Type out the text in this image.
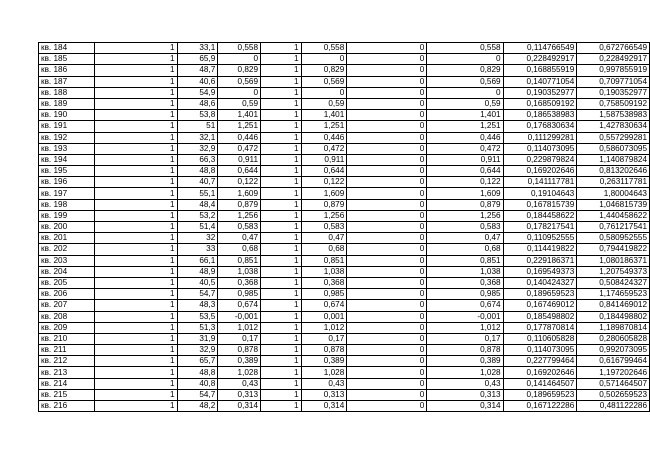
кв. 184	1	33,1	0,558	1	0,558	0	0,558	0,114766549	0,672766549
кв. 185	1	65,9	0	1	0	0	0	0,228492917	0,228492917
кв. 186	1	48,7	0,829	1	0,829	0	0,829	0,168855919	0,997855919
кв. 187	1	40,6	0,569	1	0,569	0	0,569	0,140771054	0,709771054
кв. 188	1	54,9	0	1	0	0	0	0,190352977	0,190352977
кв. 189	1	48,6	0,59	1	0,59	0	0,59	0,168509192	0,758509192
кв. 190	1	53,8	1,401	1	1,401	0	1,401	0,186538983	1,587538983
кв. 191	1	51	1,251	1	1,251	0	1,251	0,176830634	1,427830634
кв. 192	1	32,1	0,446	1	0,446	0	0,446	0,111299281	0,557299281
кв. 193	1	32,9	0,472	1	0,472	0	0,472	0,114073095	0,586073095
кв. 194	1	66,3	0,911	1	0,911	0	0,911	0,229879824	1,140879824
кв. 195	1	48,8	0,644	1	0,644	0	0,644	0,169202646	0,813202646
кв. 196	1	40,7	0,122	1	0,122	0	0,122	0,141117781	0,263117781
кв. 197	1	55,1	1,609	1	1,609	0	1,609	0,19104643	1,80004643
кв. 198	1	48,4	0,879	1	0,879	0	0,879	0,167815739	1,046815739
кв. 199	1	53,2	1,256	1	1,256	0	1,256	0,184458622	1,440458622
кв. 200	1	51,4	0,583	1	0,583	0	0,583	0,178217541	0,761217541
кв. 201	1	32	0,47	1	0,47	0	0,47	0,110952555	0,580952555
кв. 202	1	33	0,68	1	0,68	0	0,68	0,114419822	0,794419822
кв. 203	1	66,1	0,851	1	0,851	0	0,851	0,229186371	1,080186371
кв. 204	1	48,9	1,038	1	1,038	0	1,038	0,169549373	1,207549373
кв. 205	1	40,5	0,368	1	0,368	0	0,368	0,140424327	0,508424327
кв. 206	1	54,7	0,985	1	0,985	0	0,985	0,189659523	1,174659523
кв. 207	1	48,3	0,674	1	0,674	0	0,674	0,167469012	0,841469012
кв. 208	1	53,5	-0,001	1	0,001	0	-0,001	0,185498802	0,184498802
кв. 209	1	51,3	1,012	1	1,012	0	1,012	0,177870814	1,189870814
кв. 210	1	31,9	0,17	1	0,17	0	0,17	0,110605828	0,280605828
кв. 211	1	32,9	0,878	1	0,878	0	0,878	0,114073095	0,992073095
кв. 212	1	65,7	0,389	1	0,389	0	0,389	0,227799464	0,616799464
кв. 213	1	48,8	1,028	1	1,028	0	1,028	0,169202646	1,197202646
кв. 214	1	40,8	0,43	1	0,43	0	0,43	0,141464507	0,571464507
кв. 215	1	54,7	0,313	1	0,313	0	0,313	0,189659523	0,502659523
кв. 216	1	48,2	0,314	1	0,314	0	0,314	0,167122286	0,481122286
